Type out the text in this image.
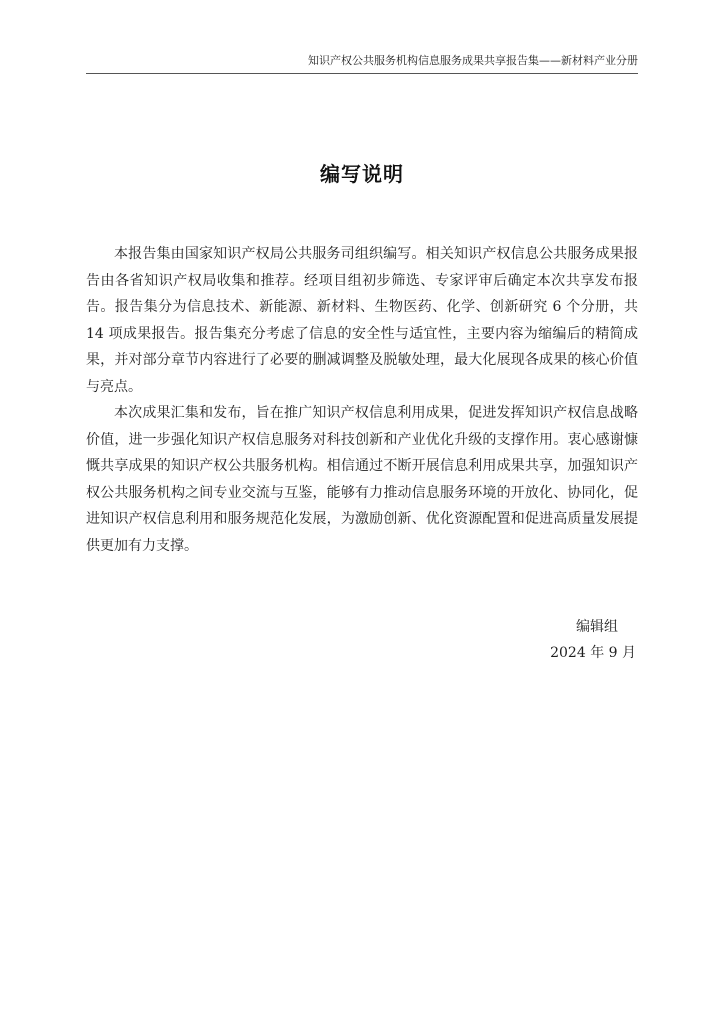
知识产权公共服务机构信息服务成果共享报告集——新材料产业分册
编写说明

本报告集由国家知识产权局公共服务司组织编写。相关知识产权信息公共服务成果报告由各省知识产权局收集和推荐。经项目组初步筛选、专家评审后确定本次共享发布报告。报告集分为信息技术、新能源、新材料、生物医药、化学、创新研究 6 个分册，共 14 项成果报告。报告集充分考虑了信息的安全性与适宜性，主要内容为缩编后的精简成果，并对部分章节内容进行了必要的删减调整及脱敏处理，最大化展现各成果的核心价值与亮点。

本次成果汇集和发布，旨在推广知识产权信息利用成果，促进发挥知识产权信息战略价值，进一步强化知识产权信息服务对科技创新和产业优化升级的支撑作用。衷心感谢慷慨共享成果的知识产权公共服务机构。相信通过不断开展信息利用成果共享，加强知识产权公共服务机构之间专业交流与互鉴，能够有力推动信息服务环境的开放化、协同化，促进知识产权信息利用和服务规范化发展，为激励创新、优化资源配置和促进高质量发展提供更加有力支撑。

编辑组
2024 年 9 月
